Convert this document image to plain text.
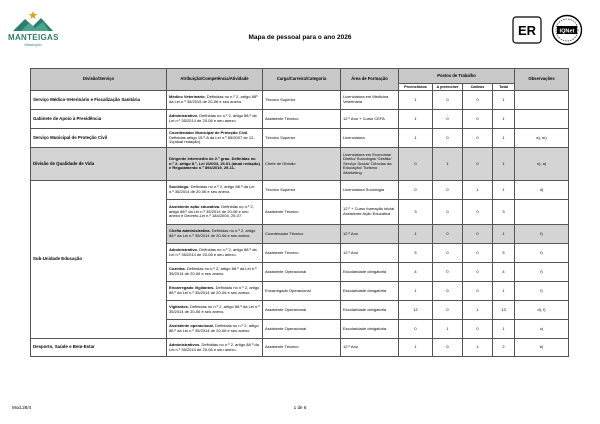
MANTEIGAS
Município
ER	IQNet
Mapa de pessoal para o ano 2026
Divisão/Serviço	Atribuição/Competência/Atividade	Carga/Carreira/Categoria	Área de Formação	Postos de Trabalho				Observações
				Preenchidos	A preencher	Cativos	Total	
Serviço Médico-Veterinário e Fiscalização Sanitária	Médico Veterinário. Definidas no n.º 2, artigo 88º da Lei n.º 35/2015 de 20-06 e seu anexo.	Técnico Superior	Licenciatura em Medicina Veterinária	1	0	0	1	
Gabinete de Apoio à Presidência	Administrativo. Definidas no n.º 2, artigo 88.º da Lei n.º 35/2014 de 20-06 e seu anexo.	Assistente Técnico	12.º Ano + Curso CEFA	1	0	0	1	
Serviço Municipal de Proteção Civil	Coordenador Municipal de Proteção Civil. Definidas artigo 15.º-A da Lei n.º 65/2007 de 12-11(atual redação).	Técnico Superior	Licenciatura	1	0	0	1	a), m)
Divisão de Qualidade de Vida	Dirigente intermédio de 2.º grau. Definidas no n.º 2, artigo 8.º, Lei 2/2004, 15-01 (atual redação) e Regulamento n.º 894/2019, 29-11.	Chefe de Divisão	Licenciatura em Economia/ Direito/ Sociologia/ Gestão/ Serviço Social/ Ciências da Educação/ Turismo /Marketing	0	1	0	1	n), a)
Sub-Unidade Educação	Sociólogo. Definidas no n.º 2, artigo 88.º da Lei n.º 35/2014 de 20-06 e seu anexo.	Técnico Superior	Licenciatura Sociologia	0	0	1	1	d)
	Assistente ação educativa. Definidas no n.º 2, artigo 88.º da Lei n.º 35/2014 de 20-06 e seu anexo e Decreto-Lei n.º 184/2004, 29-07.	Assistente Técnico	12.º + Curso formação inicial Assistente Ação Educativa	3	0	0	3	
	Chefia administrativa. Definidas no n.º 2, artigo 88.º da Lei n.º 35/2014 de 20-06 e seu anexo.	Coordenador Técnico	12.º Ano	1	0	0	1	f)
	Administrativo. Definidas no n.º 2, artigo 88.º da Lei n.º 35/2014 de 20-06 e seu anexo.	Assistente Técnico	12.º Ano	5	0	0	5	f)
	Cozinha. Definidas no n.º 2, artigo 88.º da Lei n.º 35/2014 de 20-06 e seu anexo.	Assistente Operacional	Escolaridade obrigatória	4	0	0	4	f)
	Encarregado Vigilantes. Definidas no n.º 2, artigo 88.º da Lei n.º 35/2014 de 20-06 e seu anexo.	Encarregado Operacional	Escolaridade obrigatória	1	0	0	1	f)
	Vigilantes. Definidas no n.º 2, artigo 88.º da Lei n.º 35/2014 de 20-06 e seu anexo.	Assistente Operacional	Escolaridade obrigatória	12	0	1	13	d), f)
	Assistente operacional. Definidas no n.º 2, artigo 88.º da Lei n.º 35/2014 de 20-06 e seu anexo.	Assistente Operacional	Escolaridade obrigatória	0	1	0	1	c)
Desporto, Saúde e Bem-Estar	Administrativos. Definidas no n.º 2, artigo 88.º da Lei n.º 35/2014 de 20-06 e seu anexo.	Assistente Técnico	12.º Ano	1	0	1	2	b)
Mod.28/4	1 de 6
